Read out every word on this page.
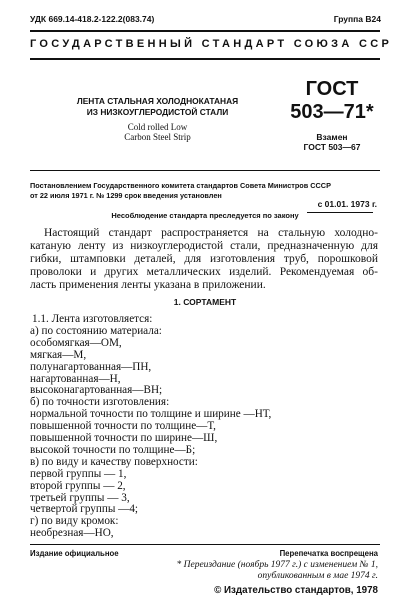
УДК 669.14-418.2-122.2(083.74)	Группа В24
ГОСУДАРСТВЕННЫЙ СТАНДАРТ СОЮЗА ССР
ЛЕНТА СТАЛЬНАЯ ХОЛОДНОКАТАНАЯ
ИЗ НИЗКОУГЛЕРОДИСТОЙ СТАЛИ
Cold rolled Low
Carbon Steel Strip
ГОСТ
503—71*
Взамен
ГОСТ 503—67
Постановлением Государственного комитета стандартов Совета Министров СССР
от 22 июля 1971 г. № 1299 срок введения установлен
с 01.01. 1973 г.
Несоблюдение стандарта преследуется по закону
Настоящий стандарт распространяется на стальную холодно-
катаную ленту из низкоуглеродистой стали, предназначенную для
гибки, штамповки деталей, для изготовления труб, порошковой
проволоки и других металлических изделий. Рекомендуемая об-
ласть применения ленты указана в приложении.
1. СОРТАМЕНТ
1.1. Лента изготовляется:
а) по состоянию материала:
особомягкая—ОМ,
мягкая—М,
полунагартованная—ПН,
нагартованная—Н,
высоконагартованная—ВН;
б) по точности изготовления:
нормальной точности по толщине и ширине —НТ,
повышенной точности по толщине—Т,
повышенной точности по ширине—Ш,
высокой точности по толщине—Б;
в) по виду и качеству поверхности:
первой группы — 1,
второй группы — 2,
третьей группы — 3,
четвертой группы —4;
г) по виду кромок:
необрезная—НО,
Издание официальное	Перепечатка воспрещена
* Переиздание (ноябрь 1977 г.) с изменением № 1,
опубликованным в мае 1974 г.
© Издательство стандартов, 1978
